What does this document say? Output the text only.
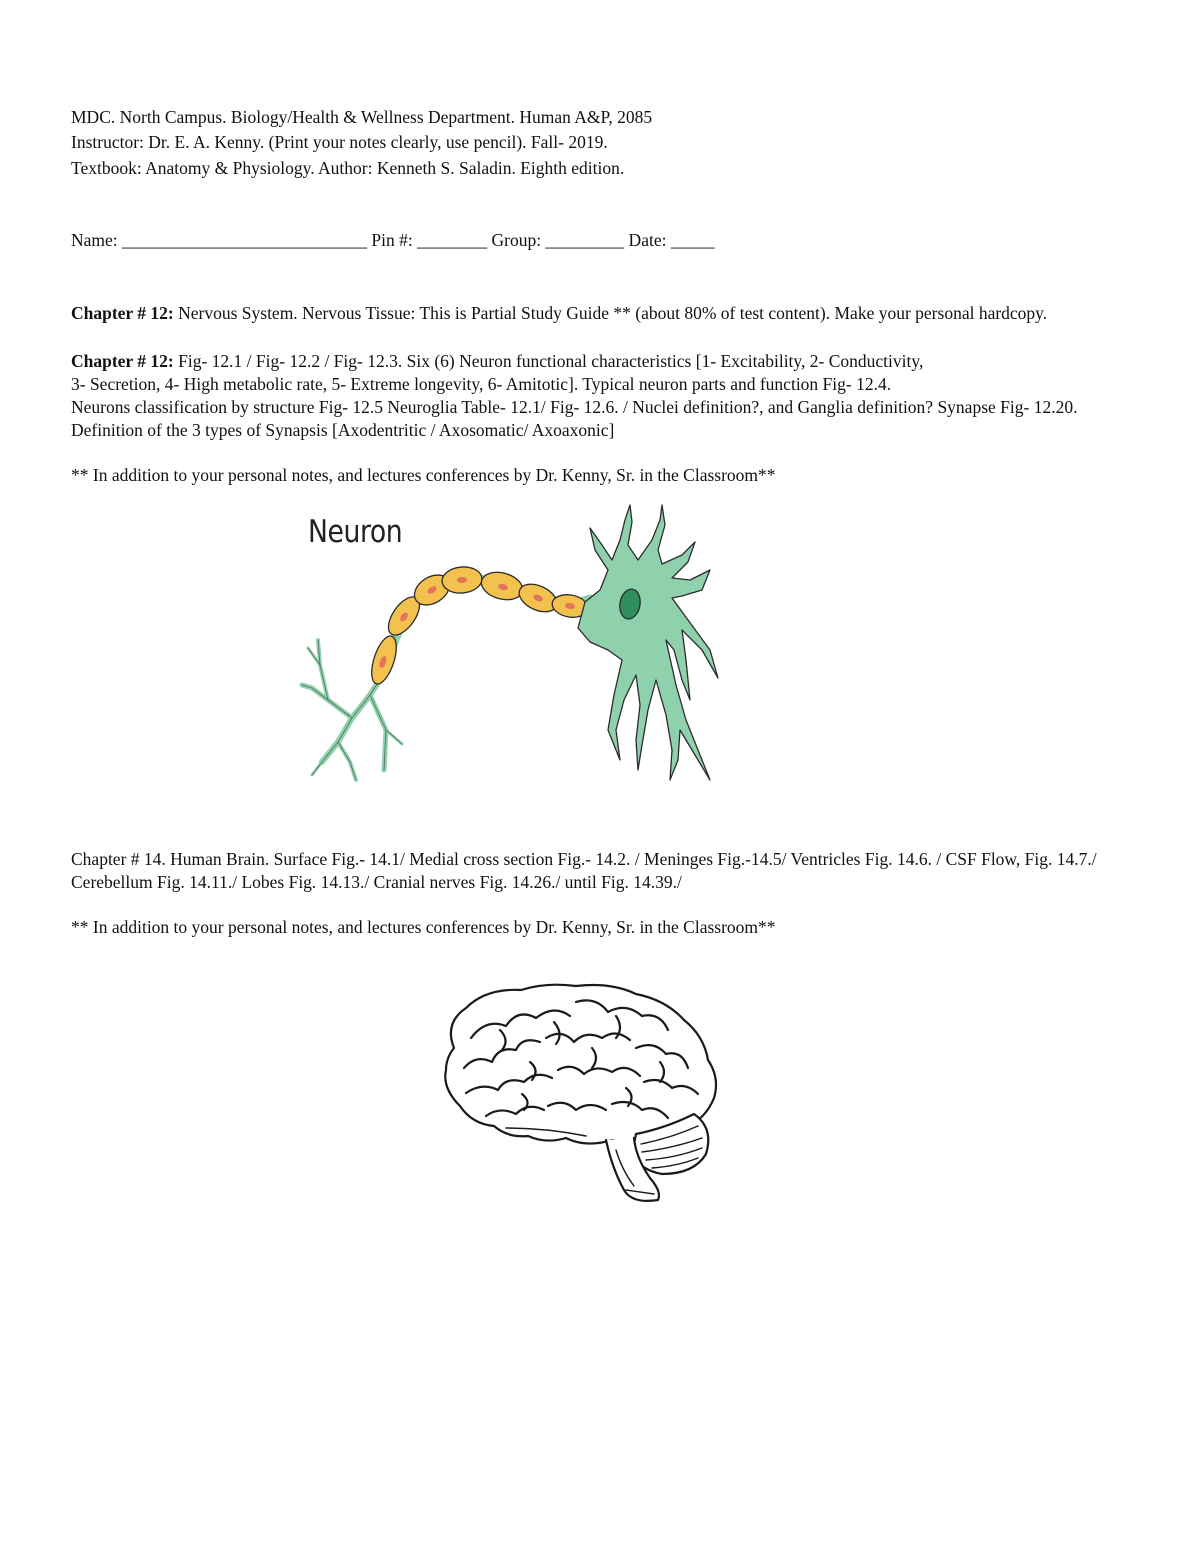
MDC. North Campus. Biology/Health & Wellness Department. Human A&P, 2085
Instructor: Dr. E. A. Kenny. (Print your notes clearly, use pencil). Fall- 2019.
Textbook: Anatomy & Physiology. Author: Kenneth S. Saladin. Eighth edition.
Name: ____________________________ Pin #: ________ Group: _________ Date: _____
Chapter # 12: Nervous System. Nervous Tissue: This is Partial Study Guide ** (about 80% of test content). Make your personal hardcopy.
Chapter # 12: Fig- 12.1 / Fig- 12.2 / Fig- 12.3. Six (6) Neuron functional characteristics [1- Excitability, 2- Conductivity,
3- Secretion, 4- High metabolic rate, 5- Extreme longevity, 6- Amitotic]. Typical neuron parts and function Fig- 12.4.
Neurons classification by structure Fig- 12.5 Neuroglia Table- 12.1/ Fig- 12.6. / Nuclei definition?, and Ganglia definition? Synapse Fig- 12.20. Definition of the 3 types of Synapsis [Axodentritic / Axosomatic/ Axoaxonic]
** In addition to your personal notes, and lectures conferences by Dr. Kenny, Sr. in the Classroom**
Neuron
Chapter # 14. Human Brain. Surface Fig.- 14.1/ Medial cross section Fig.- 14.2. / Meninges Fig.-14.5/ Ventricles Fig. 14.6. / CSF Flow, Fig. 14.7./ Cerebellum Fig. 14.11./ Lobes Fig. 14.13./ Cranial nerves Fig. 14.26./ until Fig. 14.39./
** In addition to your personal notes, and lectures conferences by Dr. Kenny, Sr. in the Classroom**
